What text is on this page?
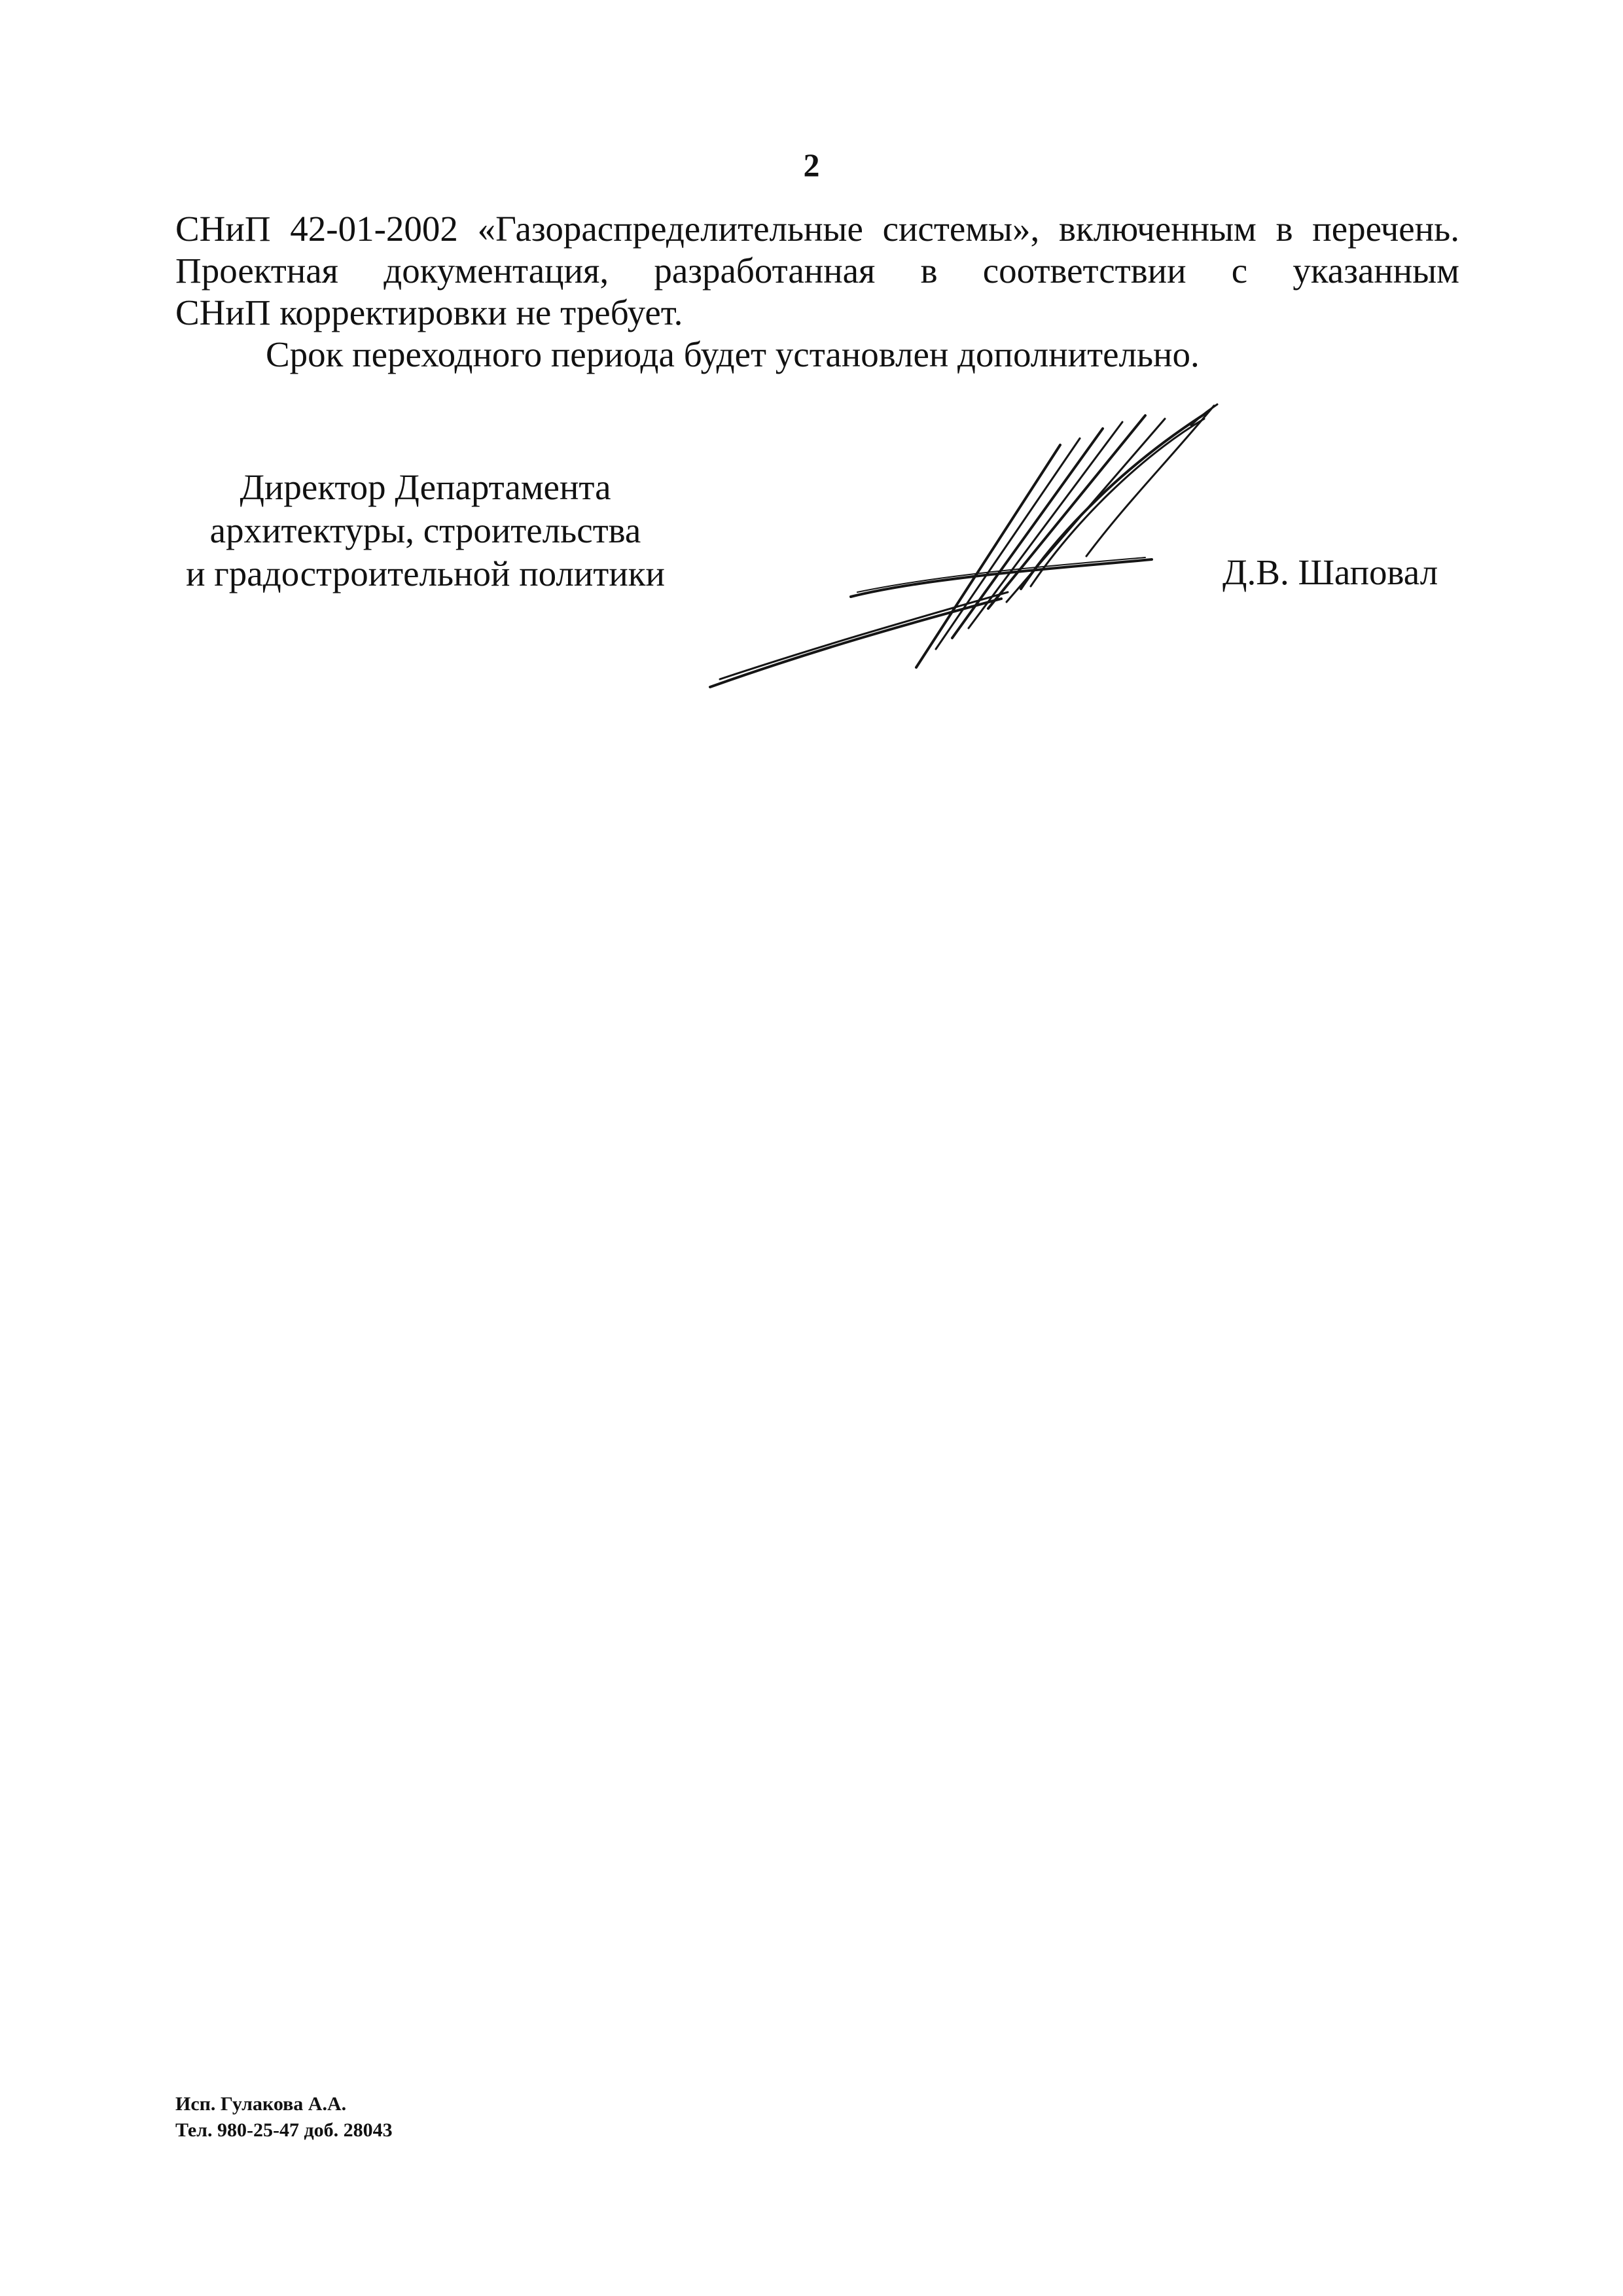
2

СНиП 42-01-2002 «Газораспределительные системы», включенным в перечень.
Проектная документация, разработанная в соответствии с указанным
СНиП корректировки не требует.

Срок переходного периода будет установлен дополнительно.

Директор Департамента
архитектуры, строительства
и градостроительной политики	Д.В. Шаповал
Исп. Гулакова А.А.
Тел. 980-25-47 доб. 28043
